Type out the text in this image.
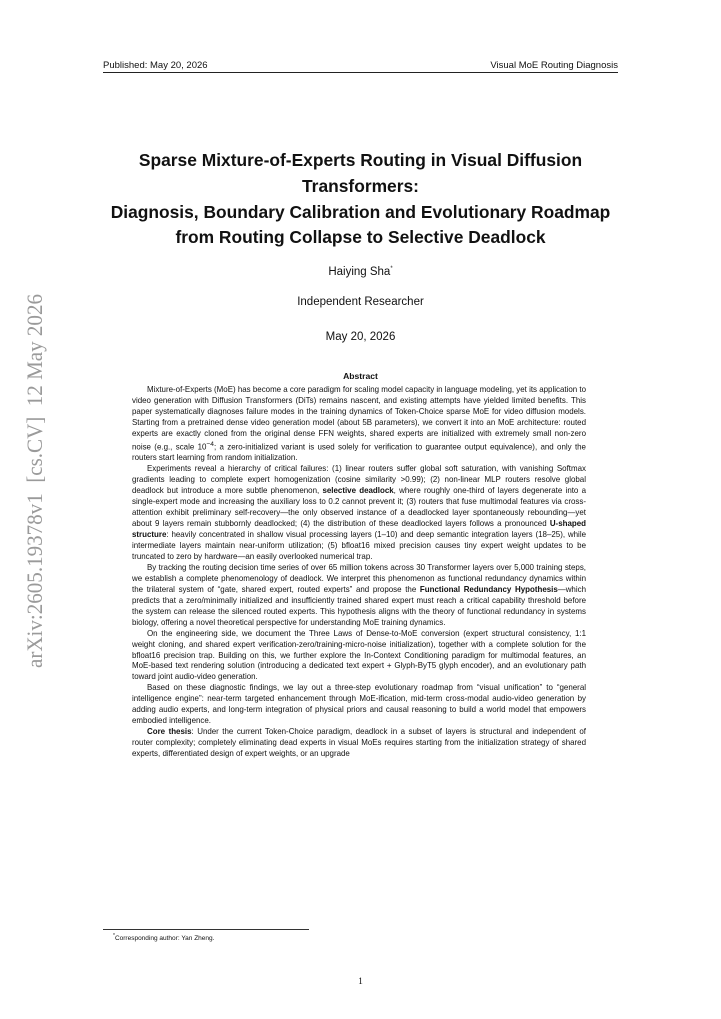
Published: May 20, 2026	Visual MoE Routing Diagnosis
arXiv:2605.19378v1  [cs.CV]  12 May 2026
Sparse Mixture-of-Experts Routing in Visual Diffusion
Transformers:
Diagnosis, Boundary Calibration and Evolutionary Roadmap
from Routing Collapse to Selective Deadlock
Haiying Sha*
Independent Researcher
May 20, 2026
Abstract

Mixture-of-Experts (MoE) has become a core paradigm for scaling model capacity in language modeling, yet its application to video generation with Diffusion Transformers (DiTs) remains nascent, and existing attempts have yielded limited benefits. This paper systematically diagnoses failure modes in the training dynamics of Token-Choice sparse MoE for video diffusion models. Starting from a pretrained dense video generation model (about 5B parameters), we convert it into an MoE architecture: routed experts are exactly cloned from the original dense FFN weights, shared experts are initialized with extremely small non-zero noise (e.g., scale $10^{-4}$; a zero-initialized variant is used solely for verification to guarantee output equivalence), and only the routers start learning from random initialization.

Experiments reveal a hierarchy of critical failures: (1) linear routers suffer global soft saturation, with vanishing Softmax gradients leading to complete expert homogenization (cosine similarity >0.99); (2) non-linear MLP routers resolve global deadlock but introduce a more subtle phenomenon, selective deadlock, where roughly one-third of layers degenerate into a single-expert mode and increasing the auxiliary loss to 0.2 cannot prevent it; (3) routers that fuse multimodal features via cross-attention exhibit preliminary self-recovery—the only observed instance of a deadlocked layer spontaneously rebounding—yet about 9 layers remain stubbornly deadlocked; (4) the distribution of these deadlocked layers follows a pronounced U-shaped structure: heavily concentrated in shallow visual processing layers (1–10) and deep semantic integration layers (18–25), while intermediate layers maintain near-uniform utilization; (5) bfloat16 mixed precision causes tiny expert weight updates to be truncated to zero by hardware—an easily overlooked numerical trap.

By tracking the routing decision time series of over 65 million tokens across 30 Transformer layers over 5,000 training steps, we establish a complete phenomenology of deadlock. We interpret this phenomenon as functional redundancy dynamics within the trilateral system of “gate, shared expert, routed experts” and propose the Functional Redundancy Hypothesis—which predicts that a zero/minimally initialized and insufficiently trained shared expert must reach a critical capability threshold before the system can release the silenced routed experts. This hypothesis aligns with the theory of functional redundancy in systems biology, offering a novel theoretical perspective for understanding MoE training dynamics.

On the engineering side, we document the Three Laws of Dense-to-MoE conversion (expert structural consistency, 1:1 weight cloning, and shared expert verification-zero/training-micro-noise initialization), together with a complete solution for the bfloat16 precision trap. Building on this, we further explore the In-Context Conditioning paradigm for multimodal features, an MoE-based text rendering solution (introducing a dedicated text expert + Glyph-ByT5 glyph encoder), and an evolutionary path toward joint audio-video generation.

Based on these diagnostic findings, we lay out a three-step evolutionary roadmap from “visual unification” to “general intelligence engine”: near-term targeted enhancement through MoE-ification, mid-term cross-modal audio-video generation by adding audio experts, and long-term integration of physical priors and causal reasoning to build a world model that empowers embodied intelligence.

Core thesis: Under the current Token-Choice paradigm, deadlock in a subset of layers is structural and independent of router complexity; completely eliminating dead experts in visual MoEs requires starting from the initialization strategy of shared experts, differentiated design of expert weights, or an upgrade

*Corresponding author: Yan Zheng.
1
